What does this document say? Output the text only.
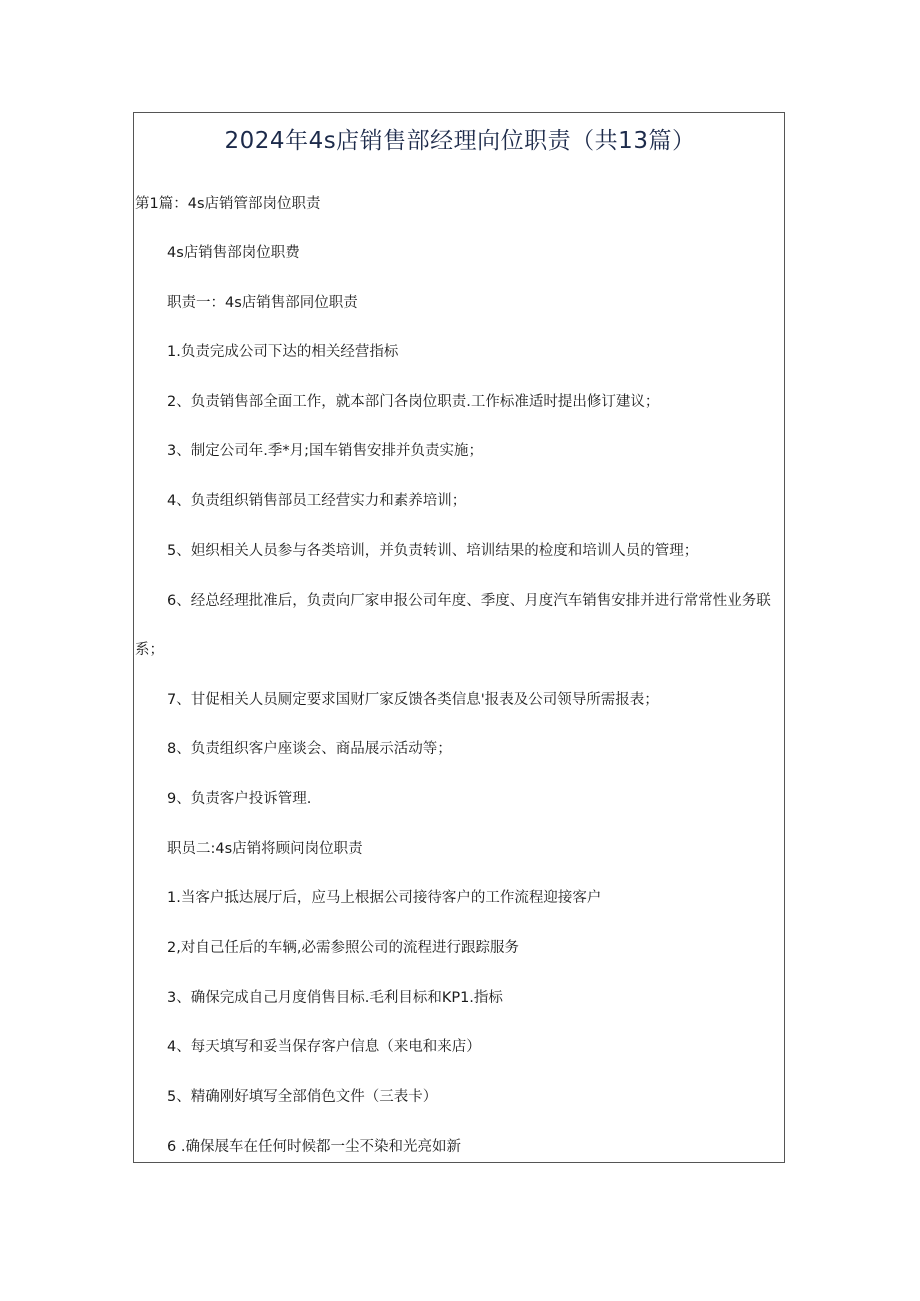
2024年4s店销售部经理向位职责（共13篇）
第1篇：4s店销管部岗位职责
4s店销售部岗位职费
职责一：4s店销售部同位职责
1.负责完成公司下达的相关经营指标
2、负责销售部全面工作，就本部门各岗位职责.工作标准适时提出修订建议；
3、制定公司年.季*月;国车销售安排并负责实施；
4、负责组织销售部员工经营实力和素养培训；
5、妲织相关人员参与各类培训，并负责转训、培训结果的检度和培训人员的管理；
6、经总经理批准后，负责向厂家申报公司年度、季度、月度汽车销售安排并进行常常性业务联
系；
7、甘促相关人员厕定要求国财厂家反馈各类信息'报表及公司领导所需报表；
8、负责组织客户座谈会、商品展示活动等；
9、负责客户投诉管理.
职员二:4s店销将顾问岗位职责
1.当客户抵达展厅后，应马上根据公司接待客户的工作流程迎接客户
2,对自己任后的车辆,必需参照公司的流程进行跟踪服务
3、确保完成自己月度俏售目标.毛利目标和KP1.指标
4、每天填写和妥当保存客户信息（来电和来店）
5、精确刚好填写全部俏色文件（三表卡）
6 .确保展车在任何时候都一尘不染和光亮如新
